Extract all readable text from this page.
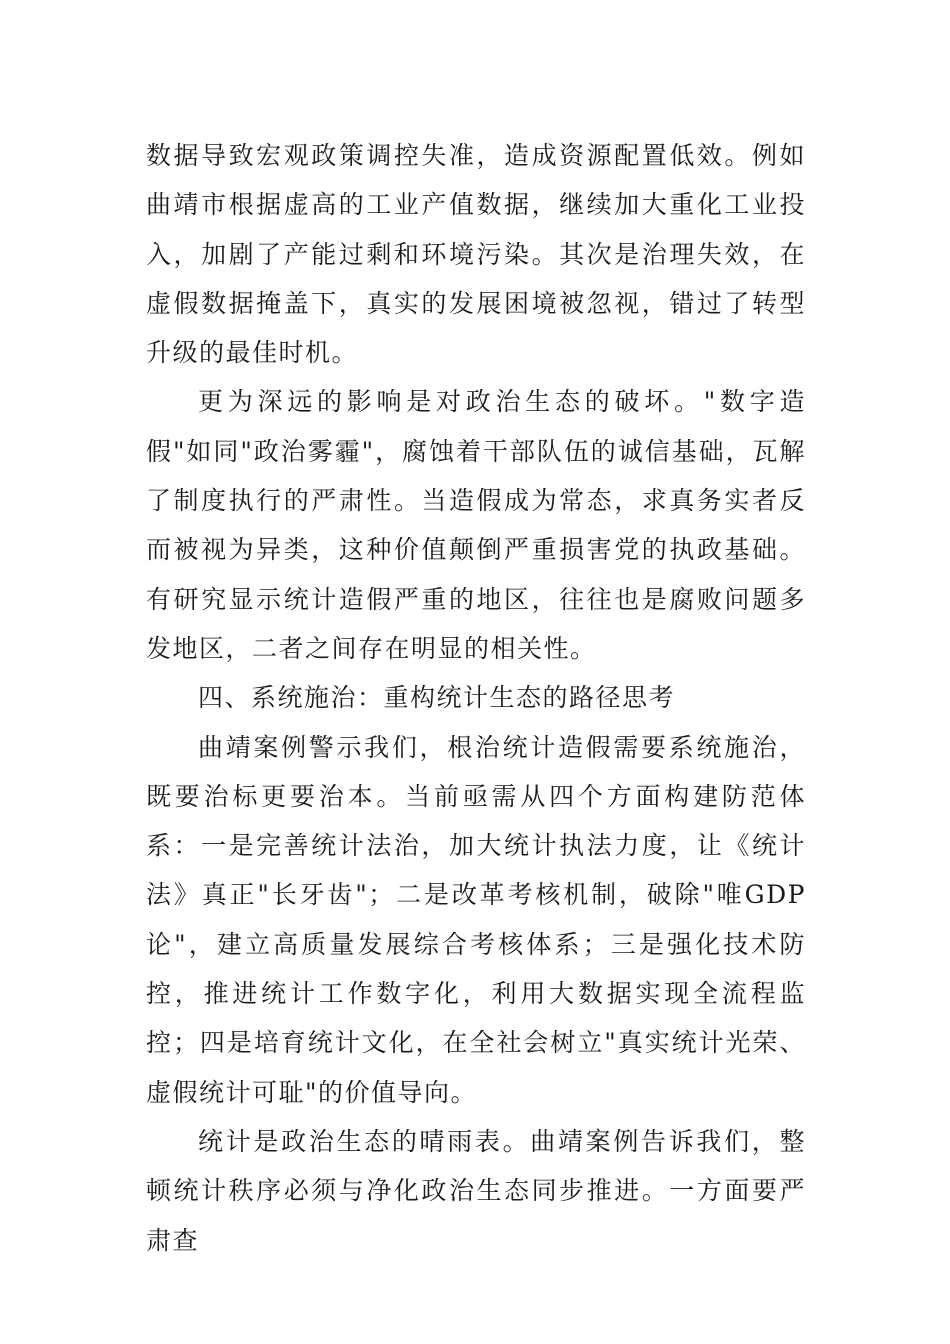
数据导致宏观政策调控失准，造成资源配置低效。例如曲靖市根据虚高的工业产值数据，继续加大重化工业投入，加剧了产能过剩和环境污染。其次是治理失效，在虚假数据掩盖下，真实的发展困境被忽视，错过了转型升级的最佳时机。

更为深远的影响是对政治生态的破坏。"数字造假"如同"政治雾霾"，腐蚀着干部队伍的诚信基础，瓦解了制度执行的严肃性。当造假成为常态，求真务实者反而被视为异类，这种价值颠倒严重损害党的执政基础。有研究显示统计造假严重的地区，往往也是腐败问题多发地区，二者之间存在明显的相关性。

四、系统施治：重构统计生态的路径思考

曲靖案例警示我们，根治统计造假需要系统施治，既要治标更要治本。当前亟需从四个方面构建防范体系：一是完善统计法治，加大统计执法力度，让《统计法》真正"长牙齿"；二是改革考核机制，破除"唯GDP论"，建立高质量发展综合考核体系；三是强化技术防控，推进统计工作数字化，利用大数据实现全流程监控；四是培育统计文化，在全社会树立"真实统计光荣、虚假统计可耻"的价值导向。

统计是政治生态的晴雨表。曲靖案例告诉我们，整顿统计秩序必须与净化政治生态同步推进。一方面要严肃查
